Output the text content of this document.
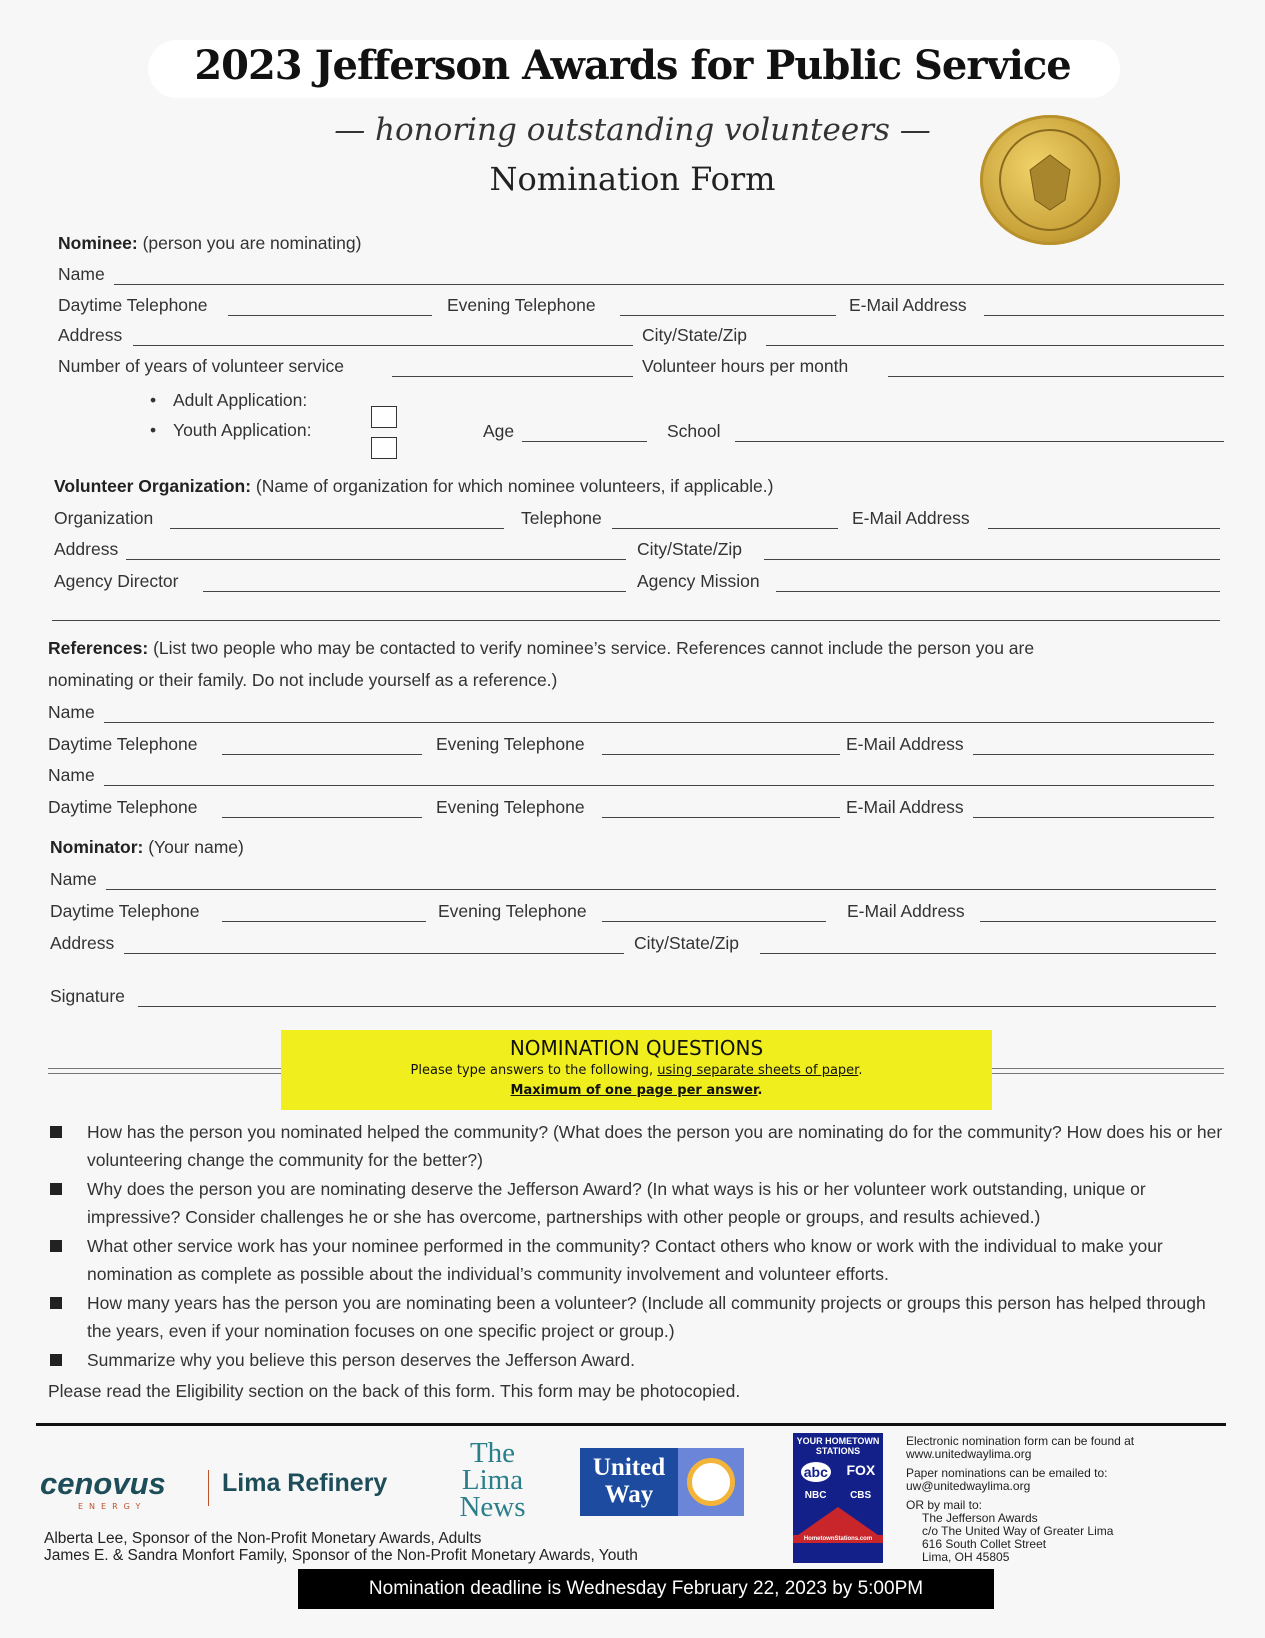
2023 Jefferson Awards for Public Service
— honoring outstanding volunteers —
Nomination Form
Nominee: (person you are nominating)
Name
Daytime Telephone	Evening Telephone	E-Mail Address
Address	City/State/Zip
Number of years of volunteer service	Volunteer hours per month
• Adult Application:
• Youth Application:	Age	School
Volunteer Organization: (Name of organization for which nominee volunteers, if applicable.)
Organization	Telephone	E-Mail Address
Address	City/State/Zip
Agency Director	Agency Mission
References: (List two people who may be contacted to verify nominee’s service. References cannot include the person you are
nominating or their family. Do not include yourself as a reference.)
Name
Daytime Telephone	Evening Telephone	E-Mail Address
Name
Daytime Telephone	Evening Telephone	E-Mail Address
Nominator: (Your name)
Name
Daytime Telephone	Evening Telephone	E-Mail Address
Address	City/State/Zip
Signature
NOMINATION QUESTIONS
Please type answers to the following, using separate sheets of paper.
Maximum of one page per answer.
How has the person you nominated helped the community? (What does the person you are nominating do for the community? How does his or her volunteering change the community for the better?)
Why does the person you are nominating deserve the Jefferson Award? (In what ways is his or her volunteer work outstanding, unique or impressive? Consider challenges he or she has overcome, partnerships with other people or groups, and results achieved.)
What other service work has your nominee performed in the community? Contact others who know or work with the individual to make your nomination as complete as possible about the individual’s community involvement and volunteer efforts.
How many years has the person you are nominating been a volunteer? (Include all community projects or groups this person has helped through the years, even if your nomination focuses on one specific project or group.)
Summarize why you believe this person deserves the Jefferson Award.
Please read the Eligibility section on the back of this form. This form may be photocopied.
cenovus
ENERGY
Lima Refinery
The
Lima
News
United
Way
Alberta Lee, Sponsor of the Non-Profit Monetary Awards, Adults
James E. & Sandra Monfort Family, Sponsor of the Non-Profit Monetary Awards, Youth
YOUR HOMETOWN STATIONS
abc FOX
NBC CBS
HometownStations.com
Electronic nomination form can be found at
www.unitedwaylima.org
Paper nominations can be emailed to:
uw@unitedwaylima.org
OR by mail to:
The Jefferson Awards
c/o The United Way of Greater Lima
616 South Collet Street
Lima, OH 45805
Nomination deadline is Wednesday February 22, 2023 by 5:00PM
